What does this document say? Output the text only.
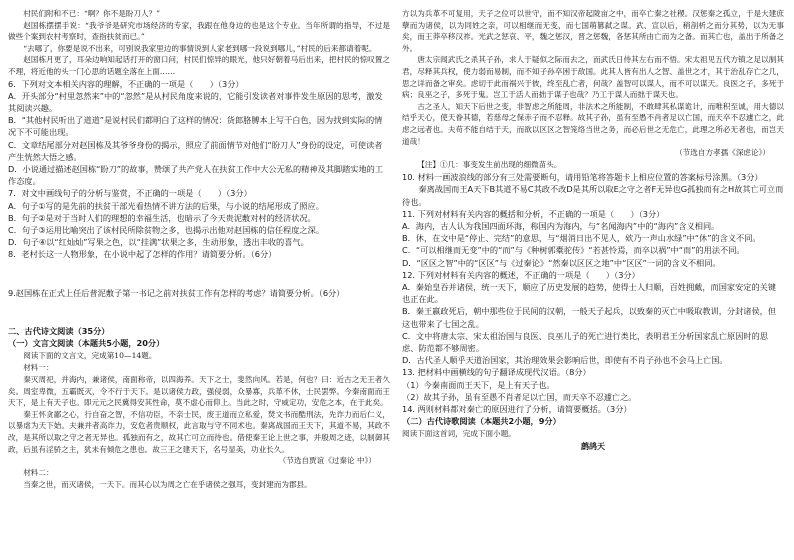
村民们附和不已：“啊？你不是盼刀人？”
赵国栋摆摆手说：“我爷爷是研究市场经济的专家，我跟在他身边的也是这个专业。当年所谓的指导，不过是做些个案到农村考察时，查指扶贫而已。”
“去哪了，你要是说不出来，可别说我家里边的事情说到人家老到哪一段说到哪儿，”村民的后来都请着呢。
赵国栋月更了，耳朵边响知起话打开的窗口问，村民们惊异的眼光，他只好朝着马后出来，把村民的惊叹置之不理，将近他的头一门心思的话题全落在上面……
6．下列对文本相关内容的理解，不正确的一项是（　　）（3分）
A．开头部分“村里忽然来”中的“忽然”是从村民角度来说的，它能引发读者对事件发生原因的思考，激发其阅读兴趣。
B．“其他村民听出了道道”是说村民们都明白了这样的情况：货郎胳膊本上写干白色，因为找到实际的情况下不可能出现。
C．文章结尾部分对赵国栋及其爷爷身份的揭示，照应了前面情节对他们“盼刀人”身份的设定，可使读者产生恍然大悟之感。
D．小说通过描述赵国栋“盼刀”的故事，赞颂了共产党人在扶贫工作中大公无私的精神及其脚踏实地的工作态度。
7．对文中画线句子的分析与鉴赏，不正确的一项是（　　）（3分）
A．句子①写的是先前的扶贫干部光看热情不讲方法的后果，与小说的结尾形成了照应。
B．句子②是对于当时人们的理想的幸福生活，也暗示了今天贵泥敷对村的经济状况。
C．句子③运用比喻突出了该村民所除贫物之多，也揭示出他对赵国栋的信任程度之深。
D．句子④以“红灿灿”写果之色，以“挂满”状果之多，生动形象，透出丰收的喜气。
8．老村长这一人物形象，在小说中起了怎样的作用？请简要分析。（6分）
9.赵国栋在正式上任后普泥敷子第一书记之前对扶贫工作有怎样的考虑？请简要分析。（6分）
二、古代诗文阅读（35分）
（一）文言文阅读（本题共5小题，20分）
阅读下面的文言文，完成第10—14题。
材料一：
秦灭周祀，并海内，兼诸侯，南面称帝，以四海养。天下之士，斐然向风。若是，何也？曰：近古之无王者久矣。周室卑微，五霸既灭，令不行于天下。是以诸侯力政，强侵弱，众暴寡，兵革不休，士民罢弊。今秦南面而王天下，是上有天子也。即元元之民冀得安其性命，莫不虚心而仰上。当此之时，守威定功，安危之本，在于此矣。
秦王怀贪鄙之心，行自奋之智，不信功臣，不亲士民，废王道而立私爱，焚文书而酷刑法，先诈力而后仁义，以暴虐为天下始。夫兼并者高诈力，安危者贵顺权，此言取与守不同术也。秦离战国而王天下，其道不易，其政不改，是其所以取之守之者无异也。孤独而有之，故其亡可立而待也。借使秦王论上世之事，并殷周之迹，以制御其政，后虽有淫骄之主，犹未有倾危之患也。故三王之建天下，名号显美，功业长久。
（节选自贾谊《过秦论 中》）
材料二：
当秦之世，而灭诸侯，一天下。而其心以为周之亡在乎诸侯之强耳，变封建而为郡县。
方以为兵革不可复用，天子之位可以世守，而不知汉帝起陇亩之中，而卒亡秦之社稷。汉惩秦之孤立，于是大建庶孽而为诸侯，以为同姓之亲，可以相继而无变，而七国萌篡弑之谋。武、宣以后，稍剖析之而分其势，以为无事矣，而王莽卒移汉祚。光武之惩哀、平，魏之惩汉，晋之惩魏，各惩其所由亡而为之备。而其亡也，盖出于所备之外。
唐太宗闻武氏之杀其子孙，求人于疑似之际而去之，而武氏日侍其左右而不悟。宋太祖见五代方镇之足以制其君，尽释其兵权，使力弱而易制，而不知子孙卒困于敌国。此其人皆有出人之智、盖世之才，其于治乱存亡之几，思之详而备之审矣。虑切于此而祸兴于彼，终至乱亡者，何哉？盖智可以谋人，而不可以谋天。良医之子，多死于病；良巫之子，多死于鬼。岂工于活人而拙于谋子也哉？乃工于谋人而拙于谋天也。
古之圣人，知天下后世之变，非智虑之所能周，非法术之所能制，不敢肆其私谋诡计，而唯积至诚，用大德以结乎天心，使天眷其德，若慈母之保赤子而不忍释。故其子孙，虽有至愚不肖者足以亡国，而天卒不忍遽亡之，此虑之远者也。夫苟不能自结于天，而欲以区区之智笼络当世之务，而必后世之无危亡，此理之所必无者也，而岂天道哉！
（节选自方孝孺《深虑论》）
【注】①几：事变发生前出现的细微苗头。
10. 材料一画波浪线的部分有三处需要断句，请用铅笔将答题卡上相应位置的答案标号涂黑。（3分）
秦离战国而王A天下B其道不易C其政不改D是其所以取E之守之者F无异也G孤独而有之H故其亡可立而待也。
11. 下列对材料有关内容的概括和分析，不正确的一项是（　　）（3分）
A．海内，古人认为我国四面环海，称国内为海内，与“名闻海内”中的“海内”含义相同。
B．休，在文中是“停止、完结”的意思，与“烟消日出不见人，欸乃一声山水绿”中“休”的含义不同。
C．“可以相继而无变”中的“而”与《种树郭橐驼传》“若甚怜焉，而卒以祸”中“而”的用法不同。
D．“区区之智”中的“区区”与《过秦论》“然秦以区区之地”中“区区”一词的含义不相同。
12. 下列对材料有关内容的概述，不正确的一项是（　　）（3分）
A．秦始皇吞并诸侯，统一天下，顺应了历史发展的趋势，使得士人归顺，百姓拥戴，而国家安定的关键也正在此。
B．秦王嬴政死后，朝中那些位于民间的汉朝，一般天子起兵，以致秦的灭亡中吸取教训，分封诸侯，但这也带来了七国之乱。
C．文中将唐太宗、宋太祖治国与良医、良巫儿子的死亡进行类比，表明君王分析国家乱亡原因时的思虑、防范都不够周密。
D．古代圣人顺乎天道治国家，其治理效果会影响后世，即使有不肖子孙也不会马上亡国。
13. 把材料中画横线的句子翻译成现代汉语。（8分）
（1）今秦南面而王天下，是上有天子也。
（2）故其子孙，虽有至愚不肖者足以亡国，而天卒不忍遽亡之。
14. 两则材料都对秦亡的原因进行了分析，请简要概括。（3分）
（二）古代诗歌阅读（本题共2小题，9分）
阅读下面这首词，完成下面小题。
鹧鸪天
